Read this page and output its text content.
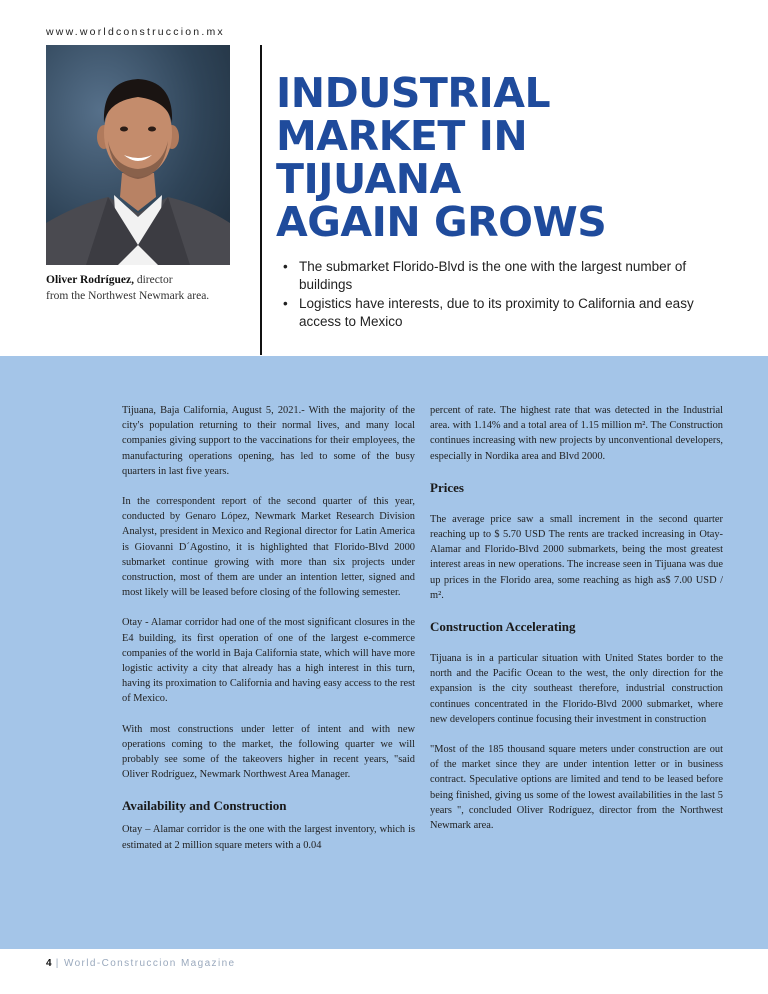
www.worldconstruccion.mx
Oliver Rodríguez, director
from the Northwest Newmark area.
INDUSTRIAL
MARKET IN
TIJUANA
AGAIN GROWS
• The submarket Florido-Blvd is the one with the largest number of buildings
• Logistics have interests, due to its proximity to California and easy access to Mexico

Tijuana, Baja California, August 5, 2021.- With the majority of the city's population returning to their normal lives, and many local companies giving support to the vaccinations for their employees, the manufacturing operations opening, has led to some of the busy quarters in last five years.

In the correspondent report of the second quarter of this year, conducted by Genaro López, Newmark Market Research Division Analyst, president in Mexico and Regional director for Latin America is Giovanni D´Agostino, it is highlighted that Florido-Blvd 2000 submarket continue growing with more than six projects under construction, most of them are under an intention letter, signed and most likely will be leased before closing of the following semester.

Otay - Alamar corridor had one of the most significant closures in the E4 building, its first operation of one of the largest e-commerce companies of the world in Baja California state, which will have more logistic activity a city that already has a high interest in this turn, having its proximation to California and having easy access to the rest of Mexico.

With most constructions under letter of intent and with new operations coming to the market, the following quarter we will probably see some of the takeovers higher in recent years, "said Oliver Rodríguez, Newmark Northwest Area Manager.

Availability and Construction

Otay – Alamar corridor is the one with the largest inventory, which is estimated at 2 million square meters with a 0.04

percent of rate. The highest rate that was detected in the Industrial area. with 1.14% and a total area of 1.15 million m². The Construction continues increasing with new projects by unconventional developers, especially in Nordika area and Blvd 2000.

Prices

The average price saw a small increment in the second quarter reaching up to $ 5.70 USD The rents are tracked increasing in Otay-Alamar and Florido-Blvd 2000 submarkets, being the most greatest interest areas in new operations. The increase seen in Tijuana was due up prices in the Florido area, some reaching as high as$ 7.00 USD / m².

Construction Accelerating

Tijuana is in a particular situation with United States border to the north and the Pacific Ocean to the west, the only direction for the expansion is the city southeast therefore, industrial construction continues concentrated in the Florido-Blvd 2000 submarket, where new developers continue focusing their investment in construction

"Most of the 185 thousand square meters under construction are out of the market since they are under intention letter or in business contract. Speculative options are limited and tend to be leased before being finished, giving us some of the lowest availabilities in the last 5 years ", concluded Oliver Rodríguez, director from the Northwest Newmark area.

4 | World-Construccion Magazine
